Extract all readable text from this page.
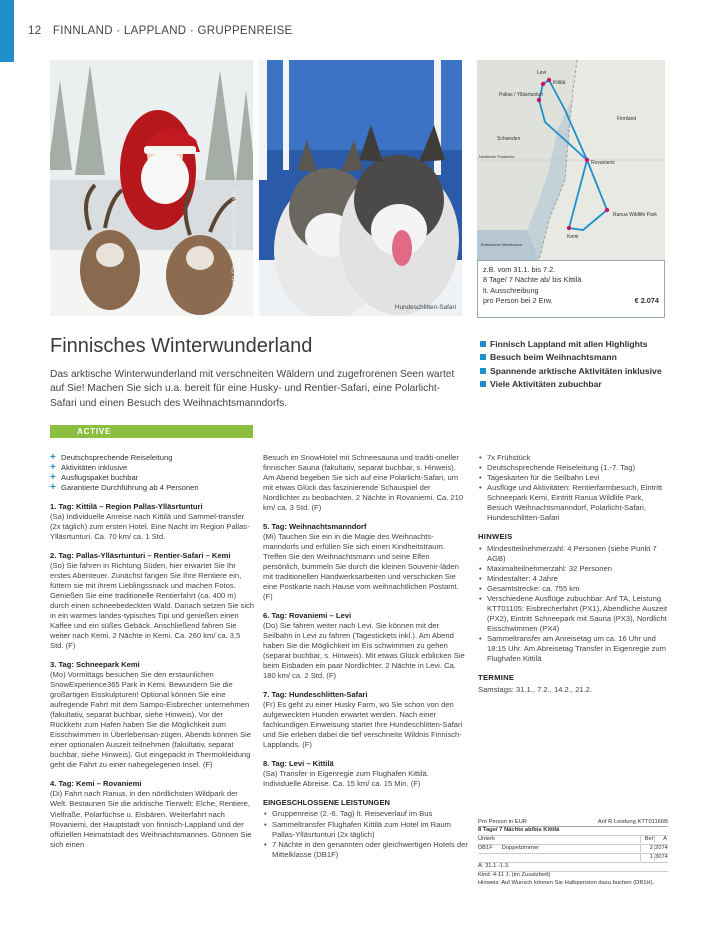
12 FINNLAND · LAPPLAND · GRUPPENREISE
© Santa Claus Foundation/ Visit Finland
Hundeschlitten-Safari
Levi
Kittilä
Pallas / Ylläsrtunturi
Finnland
Schweden
Nördlicher Polarkreis
Rovaniemi
Ranua Wildlife Park
Kemi
Bottnischer Meerbusen
z.B. vom 31.1. bis 7.2.
8 Tage/ 7 Nächte ab/ bis Kittilä
lt. Ausschreibung
pro Person bei 2 Erw.	€ 2.074
Finnisches Winterwunderland

Das arktische Winterwunderland mit verschneiten Wäldern und zugefrorenen Seen wartet auf Sie! Machen Sie sich u.a. bereit für eine Husky- und Rentier-Safari, eine Polarlicht-Safari und einen Besuch des Weihnachtsmanndorfs.

Finnisch Lappland mit allen Highlights
Besuch beim Weihnachtsmann
Spannende arktische Aktivitäten inklusive
Viele Aktivitäten zubuchbar
ACTIVE
+ Deutschsprechende Reiseleitung
+ Aktivitäten inklusive
+ Ausflugspaket buchbar
+ Garantierte Durchführung ab 4 Personen
1. Tag: Kittilä – Region Pallas-Ylläsrtunturi

(Sa) Individuelle Anreise nach Kittilä und Sammel-transfer (2x täglich) zum ersten Hotel. Eine Nacht im Region Pallas-Ylläsrtunturi. Ca. 70 km/ ca. 1 Std.

2. Tag: Pallas-Ylläsrtunturi – Rentier-Safari – Kemi

(So) Sie fahren in Richtung Süden, hier erwartet Sie Ihr erstes Abenteuer. Zunächst fangen Sie Ihre Rentiere ein, füttern sie mit ihrem Lieblingssnack und machen Fotos. Genießen Sie eine traditionelle Rentierfahrt (ca. 400 m) durch einen schneebedeckten Wald. Danach setzen Sie sich in ein warmes landes-typisches Tipi und genießen einen Kaffee und ein süßes Gebäck. Anschließend fahren Sie weiter nach Kemi. 2 Nächte in Kemi. Ca. 260 km/ ca. 3,5 Std. (F)

3. Tag: Schneepark Kemi

(Mo) Vormittags besuchen Sie den erstaunlichen SnowExperience365 Park in Kemi. Bewundern Sie die großartigen Eisskulpturen! Optional können Sie eine aufregende Fahrt mit dem Sampo-Eisbrecher unternehmen (fakultativ, separat buchbar, siehe Hinweis). Vor der Rückkehr zum Hafen haben Sie die Möglichkeit zum Eisschwimmen in Überlebensan-zügen. Abends können Sie einer optionalen Auszeit teilnehmen (fakultativ, separat buchbar, siehe Hinweis). Gut eingepackt in Thermokleidung geht die Fahrt zu einer nahegelegenen Insel. (F)

4. Tag: Kemi – Rovaniemi

(Di) Fahrt nach Ranua, in den nördlichsten Wildpark der Welt. Bestaunen Sie die arktische Tierwelt: Elche, Rentiere, Vielfraße, Polarfüchse u. Eisbären. Weiterfahrt nach Rovaniemi, der Hauptstadt von finnisch-Lappland und der offiziellen Heimatstadt des Weihnachtsmannes. Gönnen Sie sich einen

Besuch im SnowHotel mit Schneesauna und traditi-oneller finnischer Sauna (fakultativ, separat buchbar, s. Hinweis). Am Abend begeben Sie sich auf eine Polarlicht-Safari, um mit etwas Glück das faszinierende Schauspiel der Nordlichter zu beobachten. 2 Nächte in Rovaniemi. Ca. 210 km/ ca. 3 Std. (F)

5. Tag: Weihnachtsmanndorf

(Mi) Tauchen Sie ein in die Magie des Weihnachts-manndorfs und erfüllen Sie sich einen Kindheitstraum. Treffen Sie den Weihnachtsmann und seine Elfen persönlich, bummeln Sie durch die kleinen Souvenir-läden mit traditionellen Handwerksarbeiten und verschicken Sie eine Postkarte nach Hause vom weihnachtlichen Postamt. (F)

6. Tag: Rovaniemi – Levi

(Do) Sie fahren weiter nach Levi. Sie können mit der Seilbahn in Levi zu fahren (Tagestickets inkl.). Am Abend haben Sie die Möglichkeit im Eis schwimmen zu gehen (separat buchbar, s. Hinweis). Mit etwas Glück erblicken Sie beim Eisbaden ein paar Nordlichter. 2 Nächte in Levi. Ca. 180 km/ ca. 2 Std. (F)

7. Tag: Hundeschlitten-Safari

(Fr) Es geht zu einer Husky Farm, wo Sie schon von den aufgeweckten Hunden erwartet werden. Nach einer fachkundigen Einweisung startet Ihre Hundeschlitten-Safari und Sie erleben dabei die tief verschneite Wildnis Finnisch-Lapplands. (F)

8. Tag: Levi – Kittilä

(Sa) Transfer in Eigenregie zum Flughafen Kittilä. Individuelle Abreise. Ca. 15 km/ ca. 15 Min. (F)

EINGESCHLOSSENE LEISTUNGEN
• Gruppenreise (2.-6. Tag) lt. Reiseverlauf im Bus
• Sammeltransfer Flughafen Kittilä zum Hotel im Raum Pallas-Ylläsrtunturi (2x täglich)
• 7 Nächte in den genannten oder gleichwertigen Hotels der Mittelklasse (DB1F)
• 7x Frühstück
• Deutschsprechende Reiseleitung (1.-7. Tag)
• Tageskarten für die Seilbahn Levi
• Ausflüge und Aktivitäten: Rentierfarmbesuch, Eintritt Schneepark Kemi, Eintritt Ranua Wildlife Park, Besuch Weihnachtsmanndorf, Polarlicht-Safari, Hundeschlitten-Safari
HINWEIS
• Mindestteilnehmerzahl: 4 Personen (siehe Punkt 7 AGB)
• Maximalteilnehmerzahl: 32 Personen
• Mindestalter: 4 Jahre
• Gesamtstrecke: ca. 755 km
• Verschiedene Ausflüge zubuchbar: Anf TA, Leistung KTT01105: Eisbrecherfahrt (PX1), Abendliche Auszeit (PX2), Eintritt Schneepark mit Sauna (PX3), Nordlicht Eisschwimmen (PX4)
• Sammeltransfer am Anreisetag um ca. 16 Uhr und 18:15 Uhr. Am Abreisetag Transfer in Eigenregie zum Flughafen Kittilä
TERMINE
Samstags: 31.1., 7.2., 14.2., 21.2.
Pro Person in EUR	Anf R Leistung KTT01166B
8 Tage/ 7 Nächte ab/bis Kittilä
Unterk	Bel	A
DB1F Doppelzimmer	2 2074
1 3074
A: 31.1.-1.3.
Kind: 4-11 J. (im Zusatzbett)
Hinweis: Auf Wunsch können Sie Halbpension dazu buchen (DB1H).
